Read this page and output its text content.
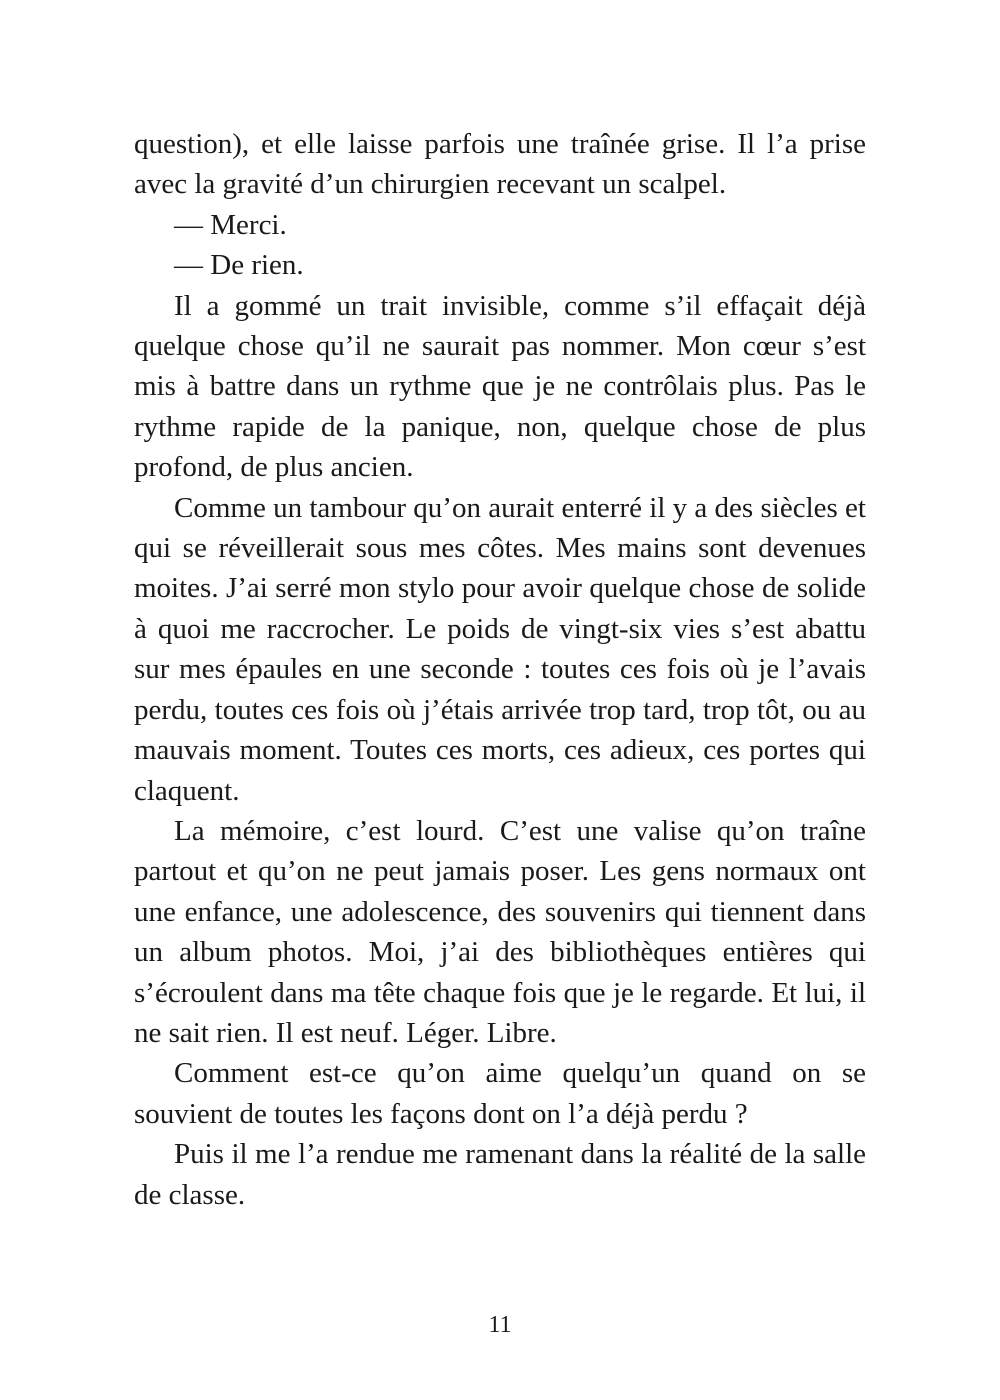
question), et elle laisse parfois une traînée grise. Il l’a prise avec la gravité d’un chirurgien recevant un scalpel.

— Merci.

— De rien.

Il a gommé un trait invisible, comme s’il effaçait déjà quelque chose qu’il ne saurait pas nommer. Mon cœur s’est mis à battre dans un rythme que je ne contrôlais plus. Pas le rythme rapide de la panique, non, quelque chose de plus profond, de plus ancien.

Comme un tambour qu’on aurait enterré il y a des siècles et qui se réveillerait sous mes côtes. Mes mains sont devenues moites. J’ai serré mon stylo pour avoir quelque chose de solide à quoi me raccrocher. Le poids de vingt-six vies s’est abattu sur mes épaules en une seconde : toutes ces fois où je l’avais perdu, toutes ces fois où j’étais arrivée trop tard, trop tôt, ou au mauvais moment. Toutes ces morts, ces adieux, ces portes qui claquent.

La mémoire, c’est lourd. C’est une valise qu’on traîne partout et qu’on ne peut jamais poser. Les gens normaux ont une enfance, une adolescence, des souvenirs qui tiennent dans un album photos. Moi, j’ai des bibliothèques entières qui s’écroulent dans ma tête chaque fois que je le regarde. Et lui, il ne sait rien. Il est neuf. Léger. Libre.

Comment est-ce qu’on aime quelqu’un quand on se souvient de toutes les façons dont on l’a déjà perdu ?

Puis il me l’a rendue me ramenant dans la réalité de la salle de classe.

11
